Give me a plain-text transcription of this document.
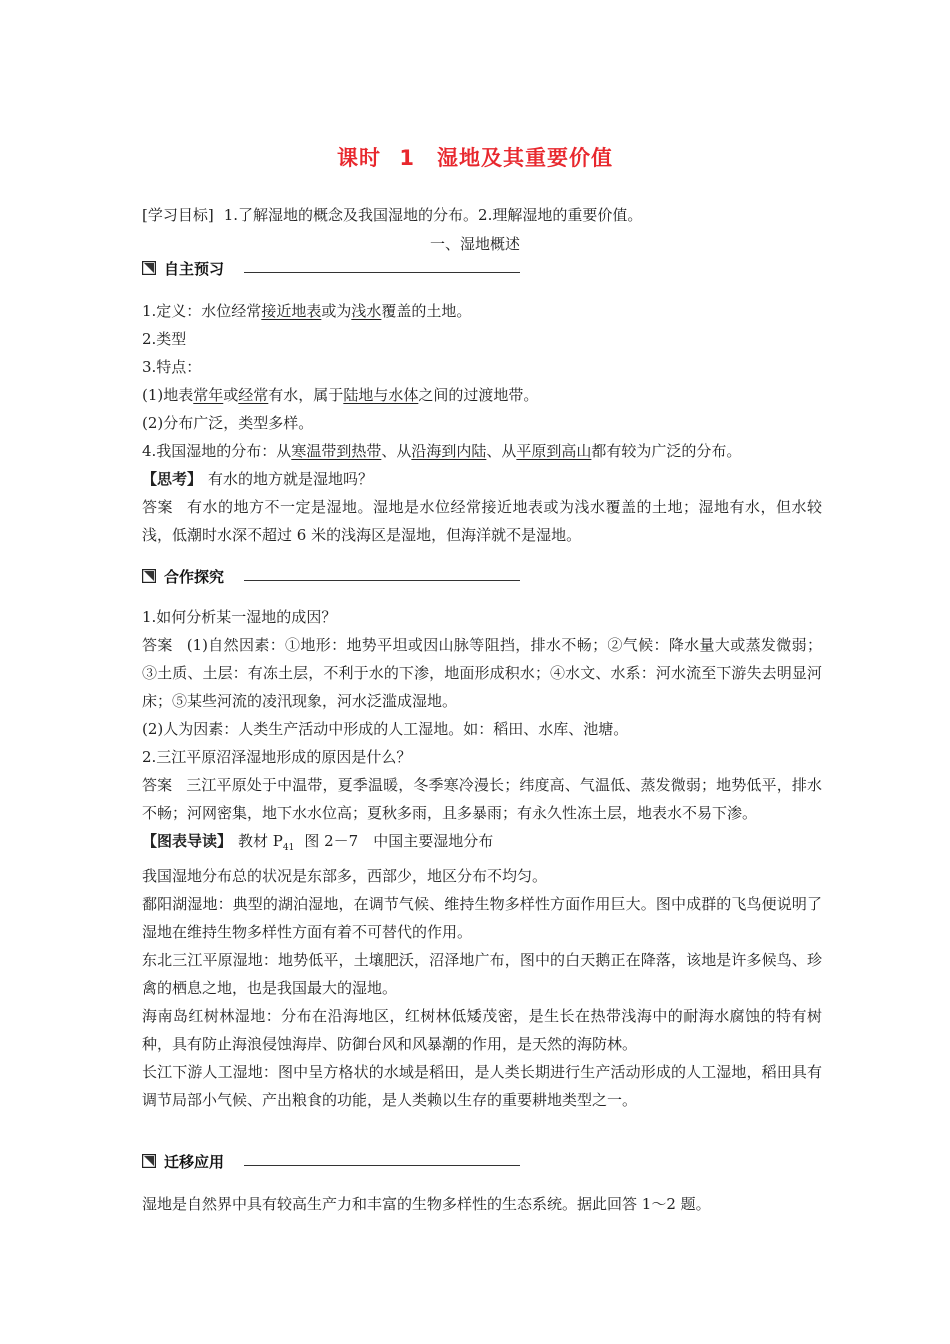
课时 1　湿地及其重要价值
[学习目标] 1.了解湿地的概念及我国湿地的分布。2.理解湿地的重要价值。
一、湿地概述
自主预习

1.定义：水位经常接近地表或为浅水覆盖的土地。

2.类型

3.特点：

(1)地表常年或经常有水，属于陆地与水体之间的过渡地带。

(2)分布广泛，类型多样。

4.我国湿地的分布：从寒温带到热带、从沿海到内陆、从平原到高山都有较为广泛的分布。

【思考】 有水的地方就是湿地吗？

答案 有水的地方不一定是湿地。湿地是水位经常接近地表或为浅水覆盖的土地；湿地有水，但水较浅，低潮时水深不超过 6 米的浅海区是湿地，但海洋就不是湿地。

合作探究

1.如何分析某一湿地的成因？

答案 (1)自然因素：①地形：地势平坦或因山脉等阻挡，排水不畅；②气候：降水量大或蒸发微弱；③土质、土层：有冻土层，不利于水的下渗，地面形成积水；④水文、水系：河水流至下游失去明显河床；⑤某些河流的凌汛现象，河水泛滥成湿地。

(2)人为因素：人类生产活动中形成的人工湿地。如：稻田、水库、池塘。

2.三江平原沼泽湿地形成的原因是什么？

答案 三江平原处于中温带，夏季温暖，冬季寒冷漫长；纬度高、气温低、蒸发微弱；地势低平，排水不畅；河网密集，地下水水位高；夏秋多雨，且多暴雨；有永久性冻土层，地表水不易下渗。

【图表导读】 教材 $P_{41}$ 图 2－7　中国主要湿地分布

我国湿地分布总的状况是东部多，西部少，地区分布不均匀。

鄱阳湖湿地：典型的湖泊湿地，在调节气候、维持生物多样性方面作用巨大。图中成群的飞鸟便说明了湿地在维持生物多样性方面有着不可替代的作用。

东北三江平原湿地：地势低平，土壤肥沃，沼泽地广布，图中的白天鹅正在降落，该地是许多候鸟、珍禽的栖息之地，也是我国最大的湿地。

海南岛红树林湿地：分布在沿海地区，红树林低矮茂密，是生长在热带浅海中的耐海水腐蚀的特有树种，具有防止海浪侵蚀海岸、防御台风和风暴潮的作用，是天然的海防林。

长江下游人工湿地：图中呈方格状的水域是稻田，是人类长期进行生产活动形成的人工湿地，稻田具有调节局部小气候、产出粮食的功能，是人类赖以生存的重要耕地类型之一。

迁移应用

湿地是自然界中具有较高生产力和丰富的生物多样性的生态系统。据此回答 1～2 题。
